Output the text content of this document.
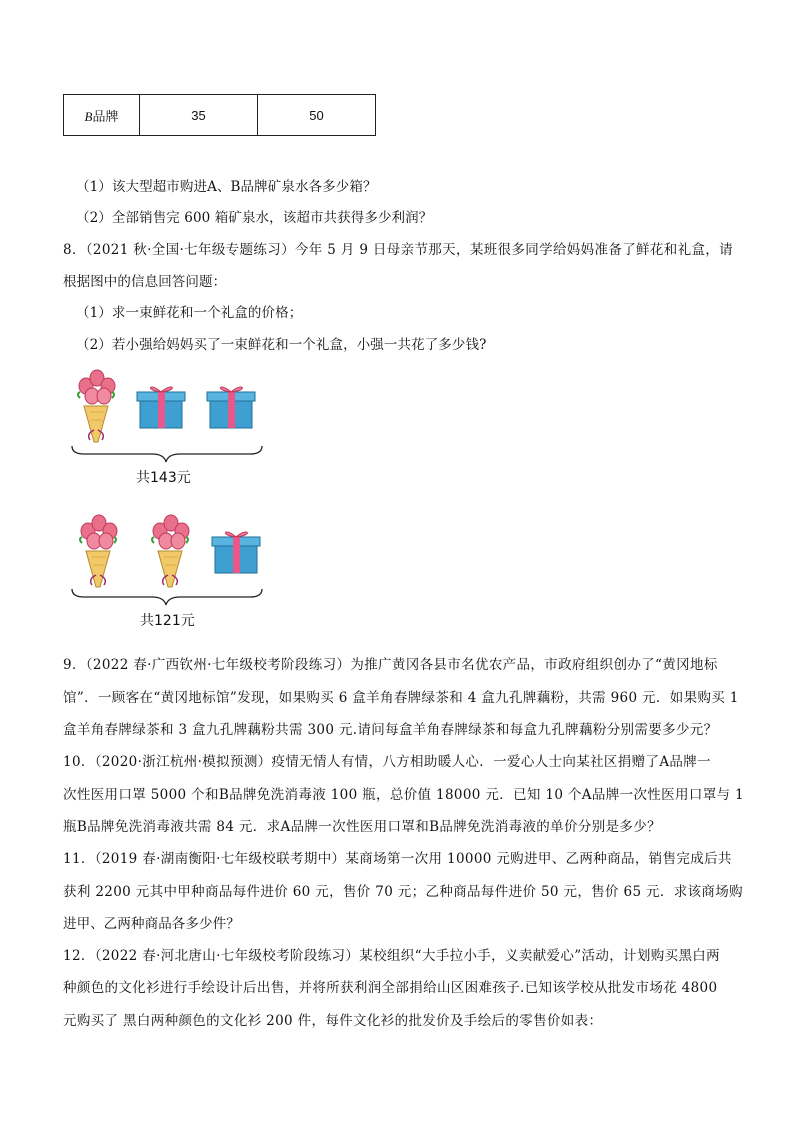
B品牌	35	50
（1）该大型超市购进A、B品牌矿泉水各多少箱？
（2）全部销售完 600 箱矿泉水，该超市共获得多少利润？
8．（2021 秋·全国·七年级专题练习）今年 5 月 9 日母亲节那天，某班很多同学给妈妈准备了鲜花和礼盒，请
根据图中的信息回答问题：
（1）求一束鲜花和一个礼盒的价格；
（2）若小强给妈妈买了一束鲜花和一个礼盒，小强一共花了多少钱?
共143元
共121元
9．（2022 春·广西钦州·七年级校考阶段练习）为推广黄冈各县市名优农产品，市政府组织创办了“黄冈地标
馆”．一顾客在“黄冈地标馆”发现，如果购买 6 盒羊角春牌绿茶和 4 盒九孔牌藕粉，共需 960 元．如果购买 1
盒羊角春牌绿茶和 3 盒九孔牌藕粉共需 300 元.请问每盒羊角春牌绿茶和每盒九孔牌藕粉分别需要多少元？
10．（2020·浙江杭州·模拟预测）疫情无情人有情，八方相助暖人心．一爱心人士向某社区捐赠了A品牌一
次性医用口罩 5000 个和B品牌免洗消毒液 100 瓶，总价值 18000 元．已知 10 个A品牌一次性医用口罩与 1
瓶B品牌免洗消毒液共需 84 元．求A品牌一次性医用口罩和B品牌免洗消毒液的单价分别是多少？
11．（2019 春·湖南衡阳·七年级校联考期中）某商场第一次用 10000 元购进甲、乙两种商品，销售完成后共
获利 2200 元其中甲种商品每件进价 60 元，售价 70 元；乙种商品每件进价 50 元，售价 65 元．求该商场购
进甲、乙两种商品各多少件？
12．（2022 春·河北唐山·七年级校考阶段练习）某校组织“大手拉小手，义卖献爱心”活动，计划购买黑白两
种颜色的文化衫进行手绘设计后出售，并将所获利润全部捐给山区困难孩子.已知该学校从批发市场花 4800
元购买了 黑白两种颜色的文化衫 200 件，每件文化衫的批发价及手绘后的零售价如表：
